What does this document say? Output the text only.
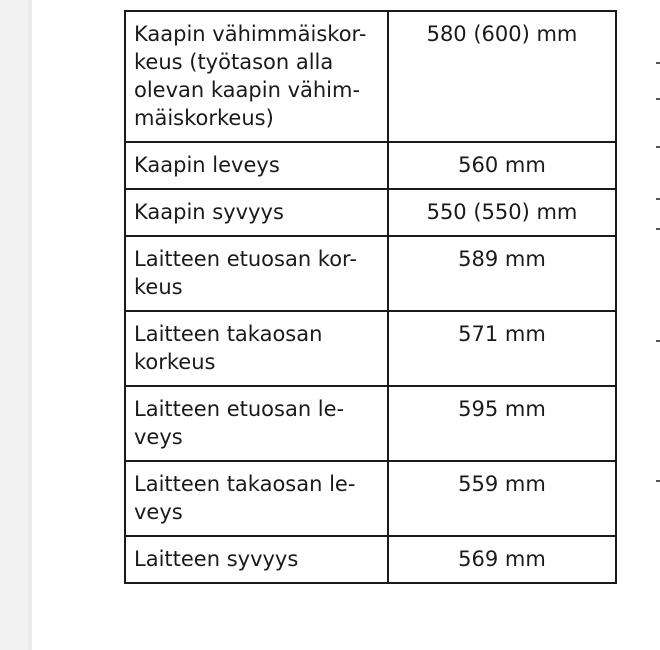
Kaapin vähimmäiskor-
keus (työtason alla
olevan kaapin vähim-
mäiskorkeus)	580 (600) mm
Kaapin leveys	560 mm
Kaapin syvyys	550 (550) mm
Laitteen etuosan kor-
keus	589 mm
Laitteen takaosan
korkeus	571 mm
Laitteen etuosan le-
veys	595 mm
Laitteen takaosan le-
veys	559 mm
Laitteen syvyys	569 mm
